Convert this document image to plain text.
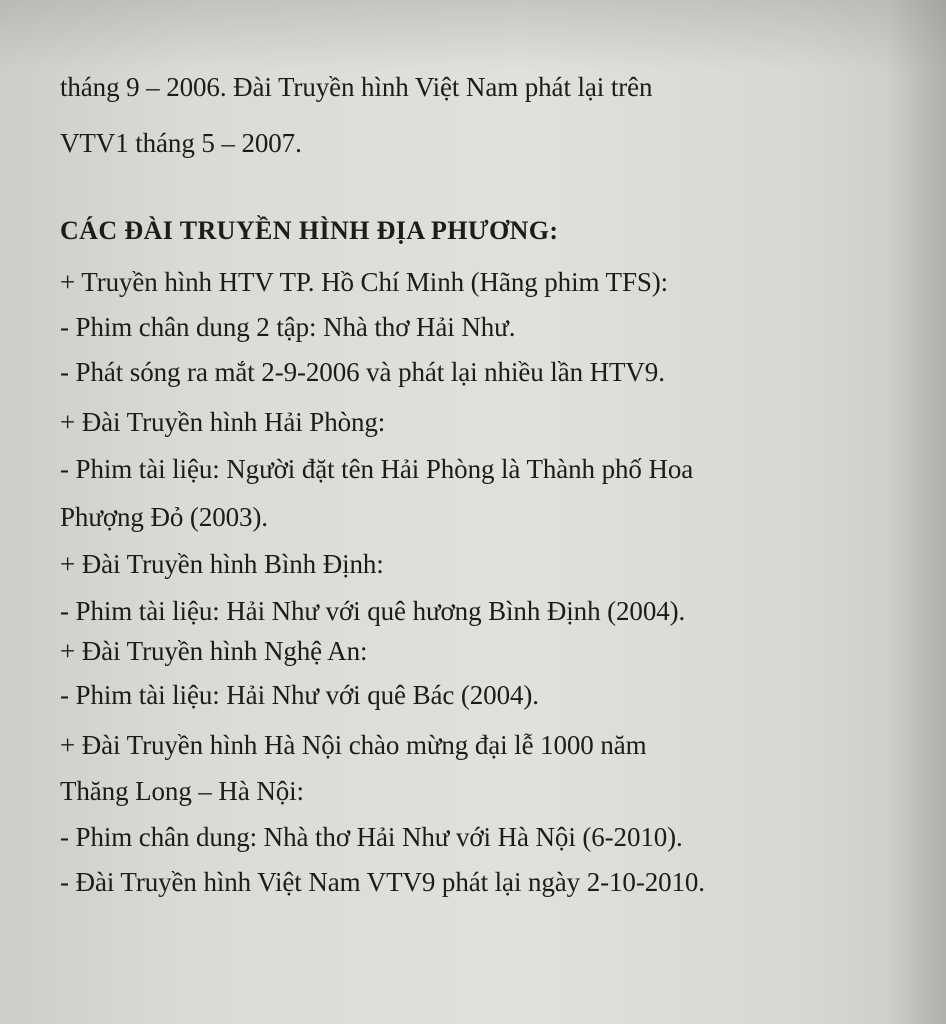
tháng 9 – 2006. Đài Truyền hình Việt Nam phát lại trên
VTV1 tháng 5 – 2007.
CÁC ĐÀI TRUYỀN HÌNH ĐỊA PHƯƠNG:
+ Truyền hình HTV TP. Hồ Chí Minh (Hãng phim TFS):
- Phim chân dung 2 tập: Nhà thơ Hải Như.
- Phát sóng ra mắt 2-9-2006 và phát lại nhiều lần HTV9.
+ Đài Truyền hình Hải Phòng:
- Phim tài liệu: Người đặt tên Hải Phòng là Thành phố Hoa
Phượng Đỏ (2003).
+ Đài Truyền hình Bình Định:
- Phim tài liệu: Hải Như với quê hương Bình Định (2004).
+ Đài Truyền hình Nghệ An:
- Phim tài liệu: Hải Như với quê Bác (2004).
+ Đài Truyền hình Hà Nội chào mừng đại lễ 1000 năm
Thăng Long – Hà Nội:
- Phim chân dung: Nhà thơ Hải Như với Hà Nội (6-2010).
- Đài Truyền hình Việt Nam VTV9 phát lại ngày 2-10-2010.
